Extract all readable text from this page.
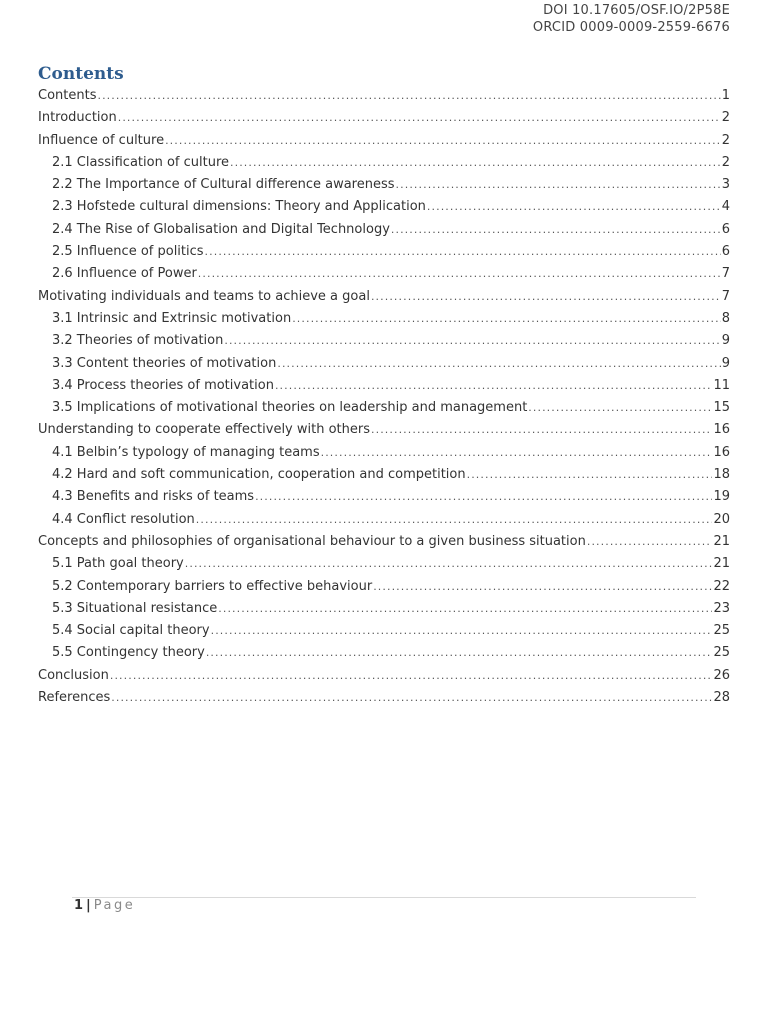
DOI 10.17605/OSF.IO/2P58E
ORCID 0009-0009-2559-6676
Contents
Contents .....	1
Introduction .....	2
Influence of culture .....	2
2.1 Classification of culture .....	2
2.2 The Importance of Cultural difference awareness .....	3
2.3 Hofstede cultural dimensions: Theory and Application .....	4
2.4 The Rise of Globalisation and Digital Technology .....	6
2.5 Influence of politics .....	6
2.6 Influence of Power .....	7
Motivating individuals and teams to achieve a goal .....	7
3.1 Intrinsic and Extrinsic motivation .....	8
3.2 Theories of motivation .....	9
3.3 Content theories of motivation .....	9
3.4 Process theories of motivation .....	11
3.5 Implications of motivational theories on leadership and management .....	15
Understanding to cooperate effectively with others .....	16
4.1 Belbin’s typology of managing teams .....	16
4.2 Hard and soft communication, cooperation and competition .....	18
4.3 Benefits and risks of teams .....	19
4.4 Conflict resolution .....	20
Concepts and philosophies of organisational behaviour to a given business situation .....	21
5.1 Path goal theory .....	21
5.2 Contemporary barriers to effective behaviour .....	22
5.3 Situational resistance .....	23
5.4 Social capital theory .....	25
5.5 Contingency theory .....	25
Conclusion .....	26
References .....	28
1 | Page
